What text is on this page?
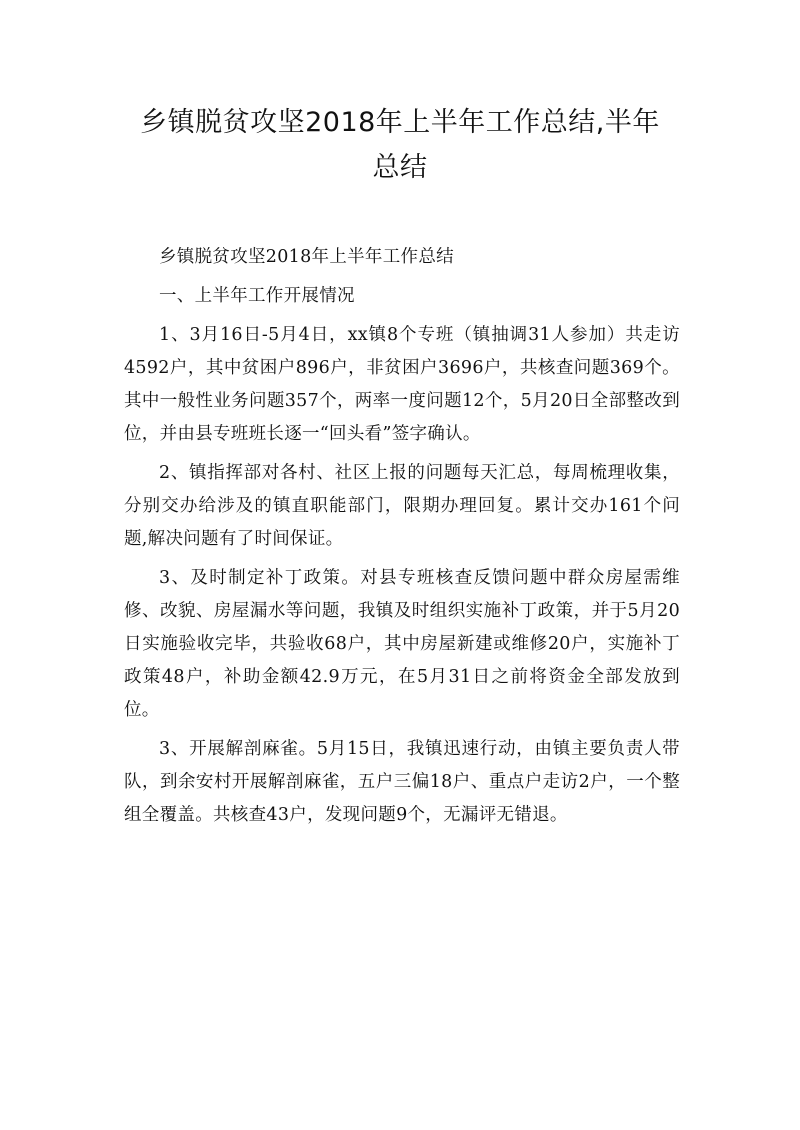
乡镇脱贫攻坚2018年上半年工作总结,半年总结

乡镇脱贫攻坚2018年上半年工作总结

一、上半年工作开展情况

1、3月16日-5月4日，xx镇8个专班（镇抽调31人参加）共走访4592户，其中贫困户896户，非贫困户3696户，共核查问题369个。其中一般性业务问题357个，两率一度问题12个，5月20日全部整改到位，并由县专班班长逐一“回头看”签字确认。

2、镇指挥部对各村、社区上报的问题每天汇总，每周梳理收集，分别交办给涉及的镇直职能部门，限期办理回复。累计交办161个问题,解决问题有了时间保证。

3、及时制定补丁政策。对县专班核查反馈问题中群众房屋需维修、改貌、房屋漏水等问题，我镇及时组织实施补丁政策，并于5月20日实施验收完毕，共验收68户，其中房屋新建或维修20户，实施补丁政策48户，补助金额42.9万元，在5月31日之前将资金全部发放到位。

3、开展解剖麻雀。5月15日，我镇迅速行动，由镇主要负责人带队，到余安村开展解剖麻雀，五户三偏18户、重点户走访2户，一个整组全覆盖。共核查43户，发现问题9个，无漏评无错退。
